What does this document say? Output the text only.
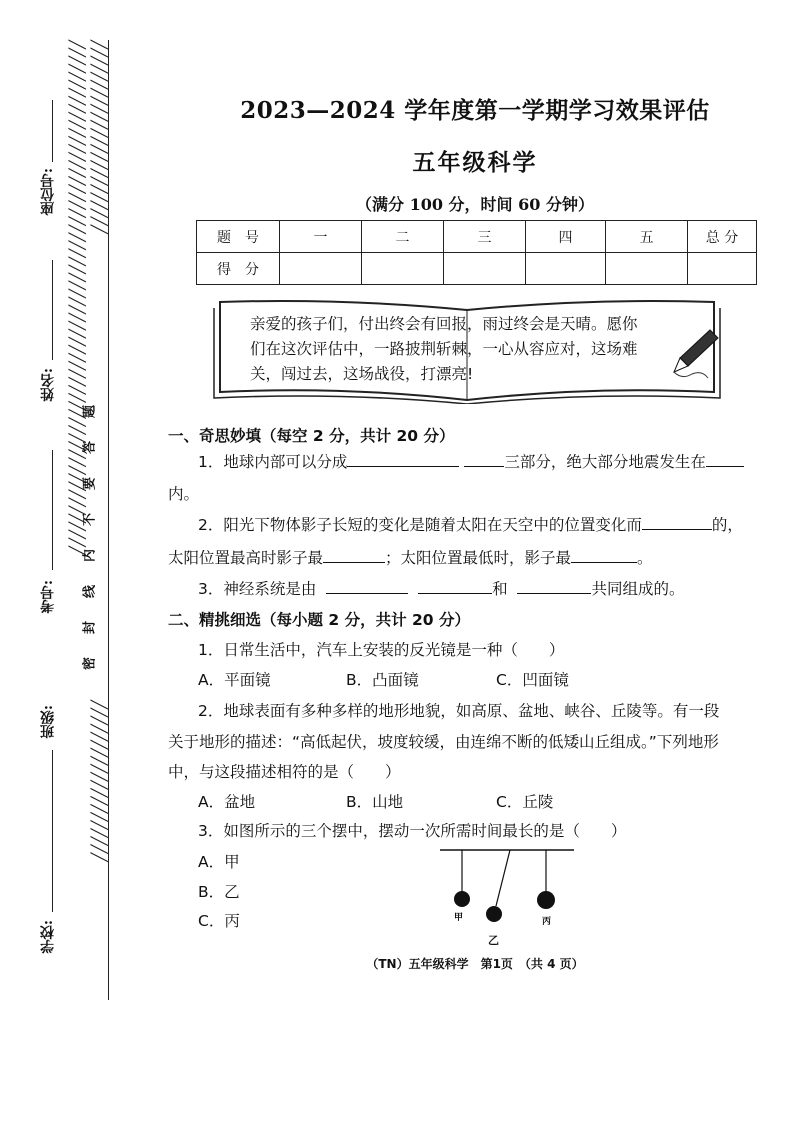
╱╱╱╱╱╱╱╱╱╱╱╱╱╱╱╱╱╱╱╱╱╱╱╱╱╱╱╱╱╱╱╱╱╱╱╱╱╱╱╱╱╱╱╱╱╱╱╱╱╱╱╱╱╱╱╱╱╱╱╱╱╱╱╱ ╱╱╱╱╱╱╱╱╱╱╱╱╱╱╱╱╱╱╱╱╱╱╱╱
╱╱╱╱╱╱╱╱╱╱╱╱╱╱╱╱╱╱╱╱
题
答
要
不
内
线
封
密
座位号:
姓名:
考号:
班级:
学校:
2023—2024 学年度第一学期学习效果评估
五年级科学
（满分 100 分，时间 60 分钟）
题　号	一	二	三	四	五	总 分
得　分						
亲爱的孩子们，付出终会有回报，雨过终会是天晴。愿你
们在这次评估中，一路披荆斩棘，一心从容应对，这场难
关，闯过去，这场战役，打漂亮!
一、奇思妙填（每空 2 分，共计 20 分）
1．地球内部可以分成	三部分，绝大部分地震发生在
内。
2．阳光下物体影子长短的变化是随着太阳在天空中的位置变化而	的，
太阳位置最高时影子最	；太阳位置最低时，影子最	。
3．神经系统是由	和	共同组成的。
二、精挑细选（每小题 2 分，共计 20 分）
1．日常生活中，汽车上安装的反光镜是一种（　　）
A．平面镜	B．凸面镜	C．凹面镜
2．地球表面有多种多样的地形地貌，如高原、盆地、峡谷、丘陵等。有一段
关于地形的描述：“高低起伏，坡度较缓，由连绵不断的低矮山丘组成。”下列地形
中，与这段描述相符的是（　　）
A．盆地	B．山地	C．丘陵
3．如图所示的三个摆中，摆动一次所需时间最长的是（　　）
A．甲
B．乙
C．丙	甲
乙
丙
（TN）五年级科学　第1页　（共 4 页）
